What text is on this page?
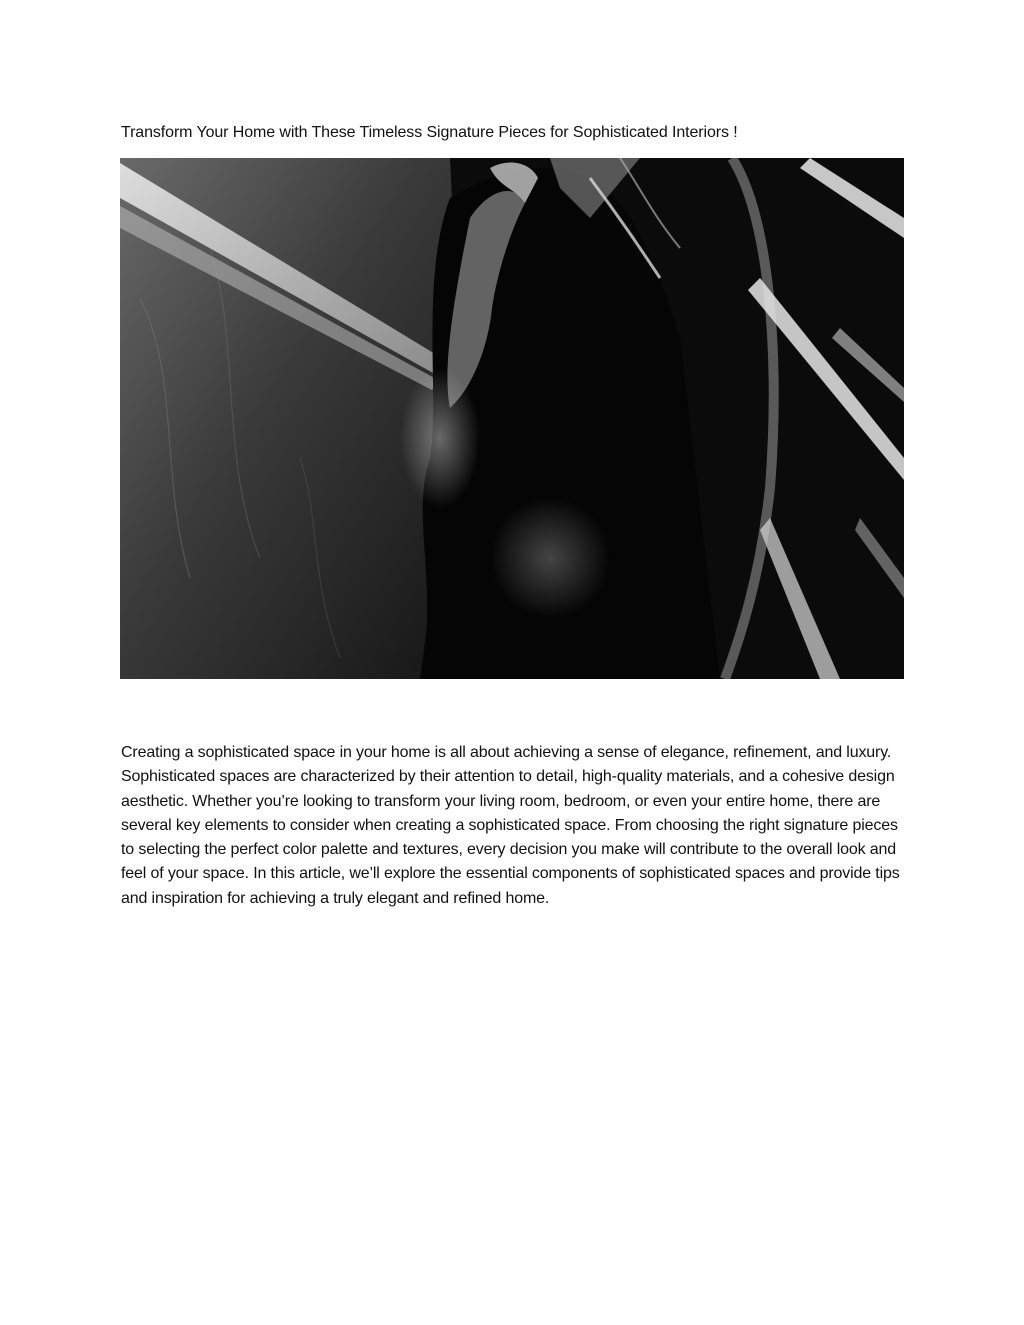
Transform Your Home with These Timeless Signature Pieces for Sophisticated Interiors !

Creating a sophisticated space in your home is all about achieving a sense of elegance, refinement, and luxury. Sophisticated spaces are characterized by their attention to detail, high-quality materials, and a cohesive design aesthetic. Whether you’re looking to transform your living room, bedroom, or even your entire home, there are several key elements to consider when creating a sophisticated space. From choosing the right signature pieces to selecting the perfect color palette and textures, every decision you make will contribute to the overall look and feel of your space. In this article, we’ll explore the essential components of sophisticated spaces and provide tips and inspiration for achieving a truly elegant and refined home.
